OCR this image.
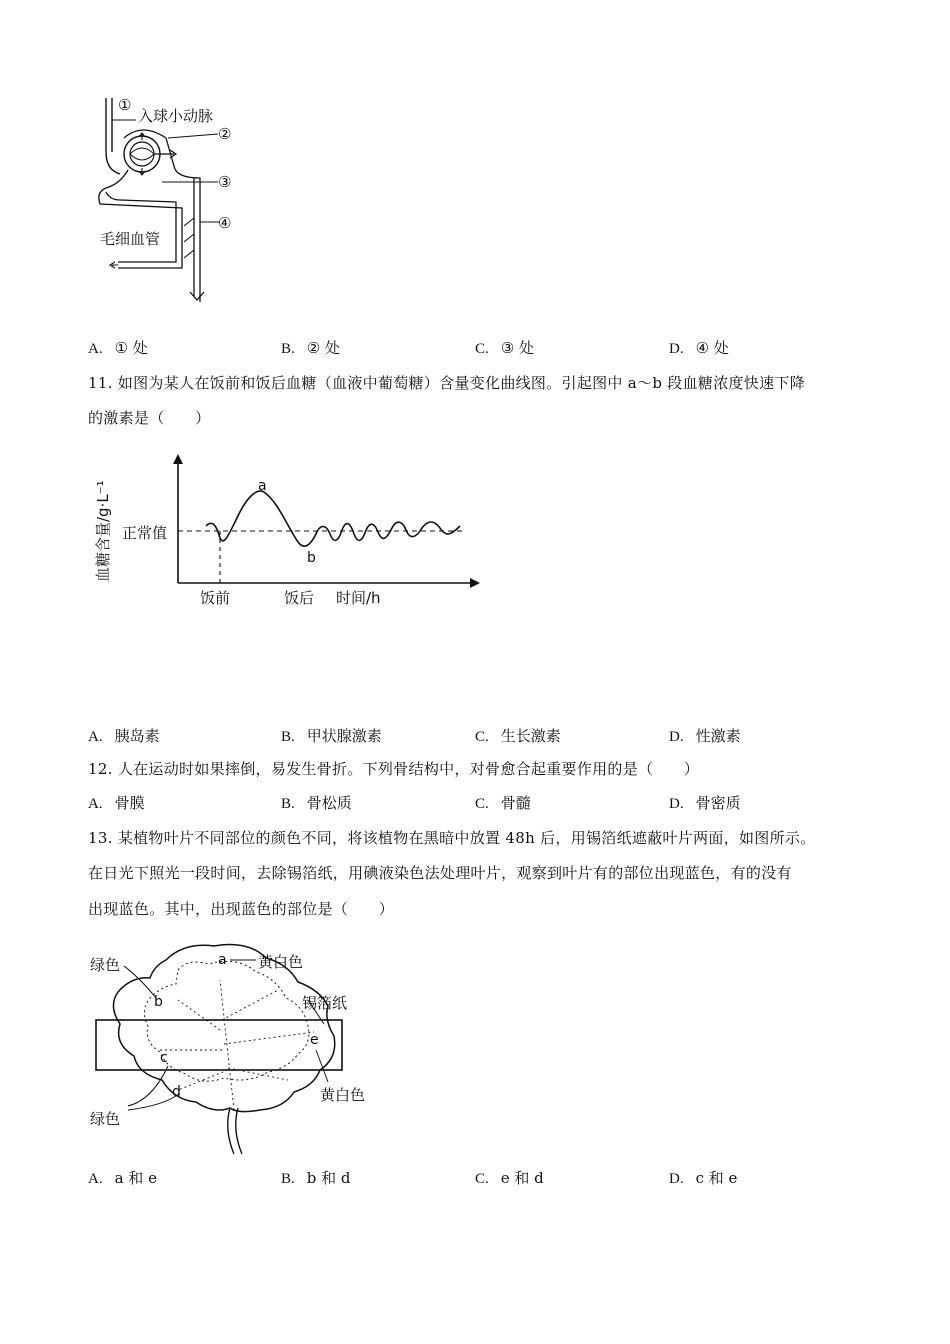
①
入球小动脉
②
③
④
毛细血管
A. ① 处	B. ② 处	C. ③ 处	D. ④ 处
11. 如图为某人在饭前和饭后血糖（血液中葡萄糖）含量变化曲线图。引起图中 a～b 段血糖浓度快速下降
的激素是（　　）
血糖含量/g·L⁻¹ 正常值
a
b
饭前	饭后 时间/h
A. 胰岛素	B. 甲状腺激素	C. 生长激素	D. 性激素
12. 人在运动时如果摔倒，易发生骨折。下列骨结构中，对骨愈合起重要作用的是（　　）
A. 骨膜	B. 骨松质	C. 骨髓	D. 骨密质
13. 某植物叶片不同部位的颜色不同，将该植物在黑暗中放置 48h 后，用锡箔纸遮蔽叶片两面，如图所示。
在日光下照光一段时间，去除锡箔纸，用碘液染色法处理叶片，观察到叶片有的部位出现蓝色，有的没有
出现蓝色。其中，出现蓝色的部位是（　　）
绿色
b
a 黄白色
锡箔纸
e
c
d	黄白色
绿色
A. a 和 e	B. b 和 d	C. e 和 d	D. c 和 e
